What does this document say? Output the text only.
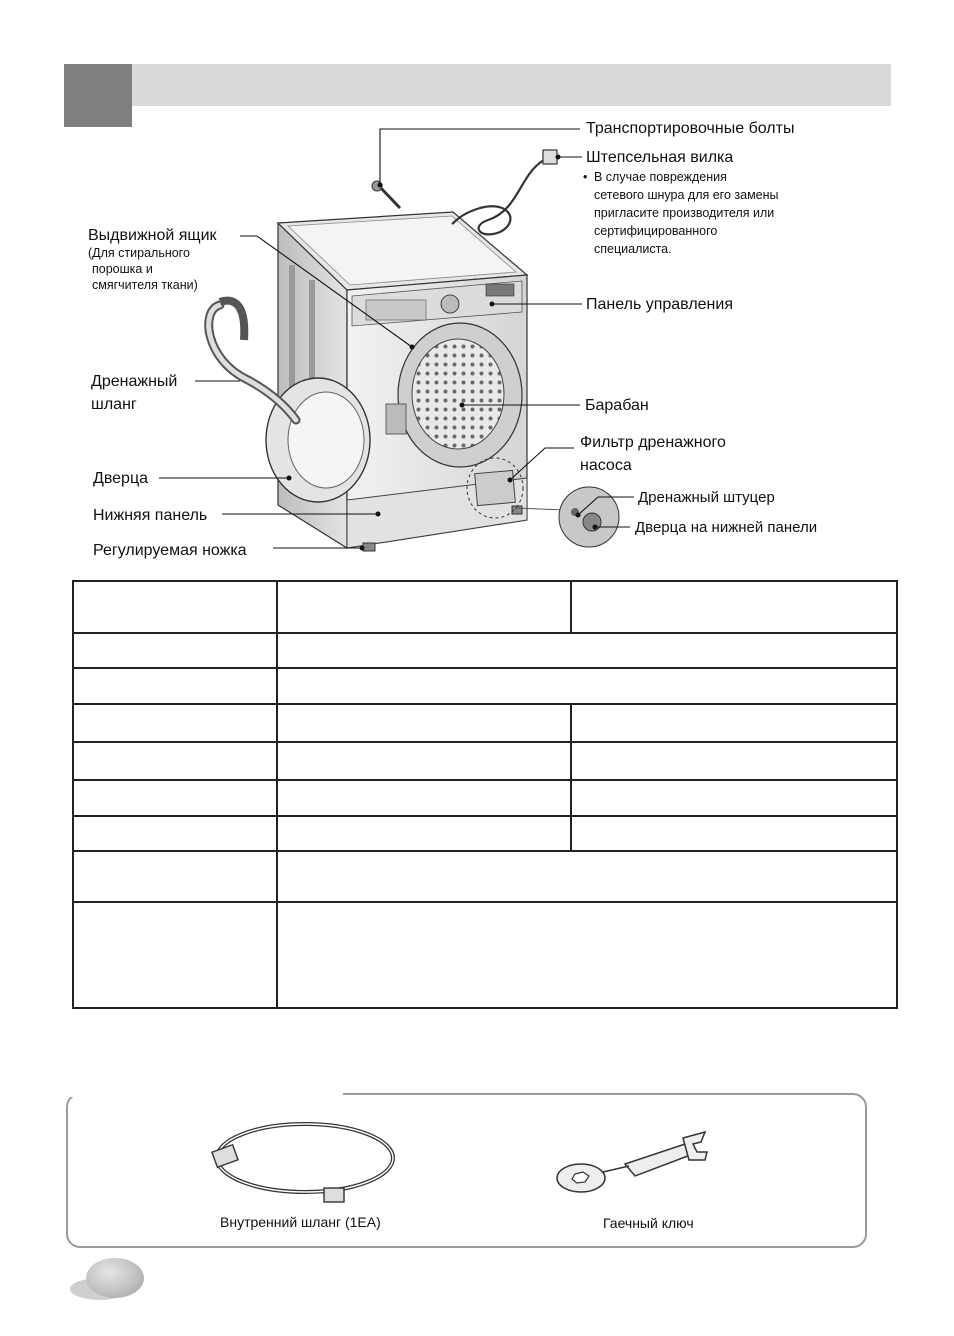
Транспортировочные болты
Штепсельная вилка
• В случае повреждения
сетевого шнура для его замены
пригласите производителя или
сертифицированного
специалиста.
Выдвижной ящик
(Для стирального
порошка и
смягчителя ткани)
Панель управления
Дренажный
шланг	Барабан
Фильтр дренажного
насоса
Дренажный штуцер
Дверца
Дверца на нижней панели
Нижняя панель
Регулируемая ножка

Внутренний шланг (1ЕА)	Гаечный ключ
